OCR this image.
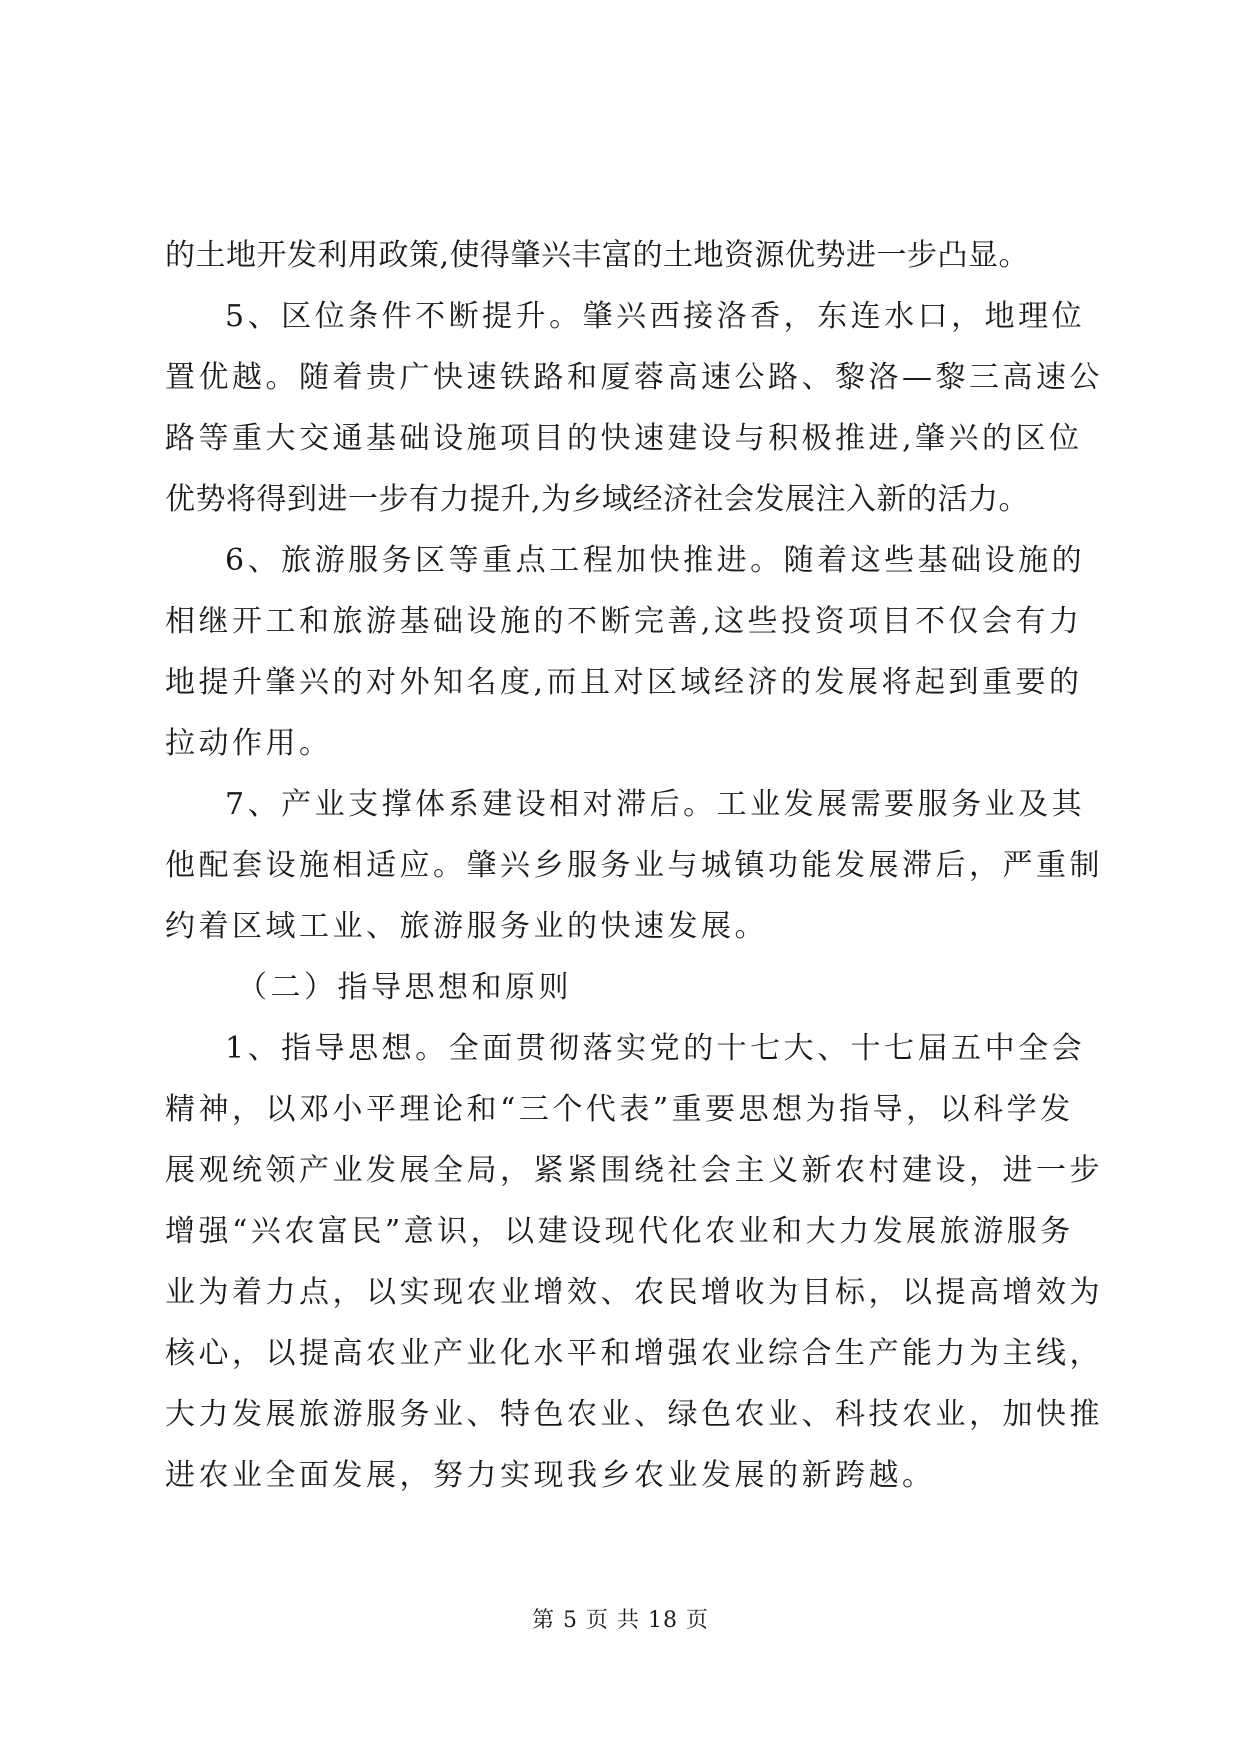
的土地开发利用政策,使得肇兴丰富的土地资源优势进一步凸显。
5、区位条件不断提升。肇兴西接洛香，东连水口，地理位
置优越。随着贵广快速铁路和厦蓉高速公路、黎洛—黎三高速公
路等重大交通基础设施项目的快速建设与积极推进,肇兴的区位
优势将得到进一步有力提升,为乡域经济社会发展注入新的活力。
6、旅游服务区等重点工程加快推进。随着这些基础设施的
相继开工和旅游基础设施的不断完善,这些投资项目不仅会有力
地提升肇兴的对外知名度,而且对区域经济的发展将起到重要的
拉动作用。
7、产业支撑体系建设相对滞后。工业发展需要服务业及其
他配套设施相适应。肇兴乡服务业与城镇功能发展滞后，严重制
约着区域工业、旅游服务业的快速发展。
（二）指导思想和原则
1、指导思想。全面贯彻落实党的十七大、十七届五中全会
精神，以邓小平理论和“三个代表”重要思想为指导，以科学发
展观统领产业发展全局，紧紧围绕社会主义新农村建设，进一步
增强“兴农富民”意识，以建设现代化农业和大力发展旅游服务
业为着力点，以实现农业增效、农民增收为目标，以提高增效为
核心，以提高农业产业化水平和增强农业综合生产能力为主线，
大力发展旅游服务业、特色农业、绿色农业、科技农业，加快推
进农业全面发展，努力实现我乡农业发展的新跨越。
第 5 页 共 18 页
